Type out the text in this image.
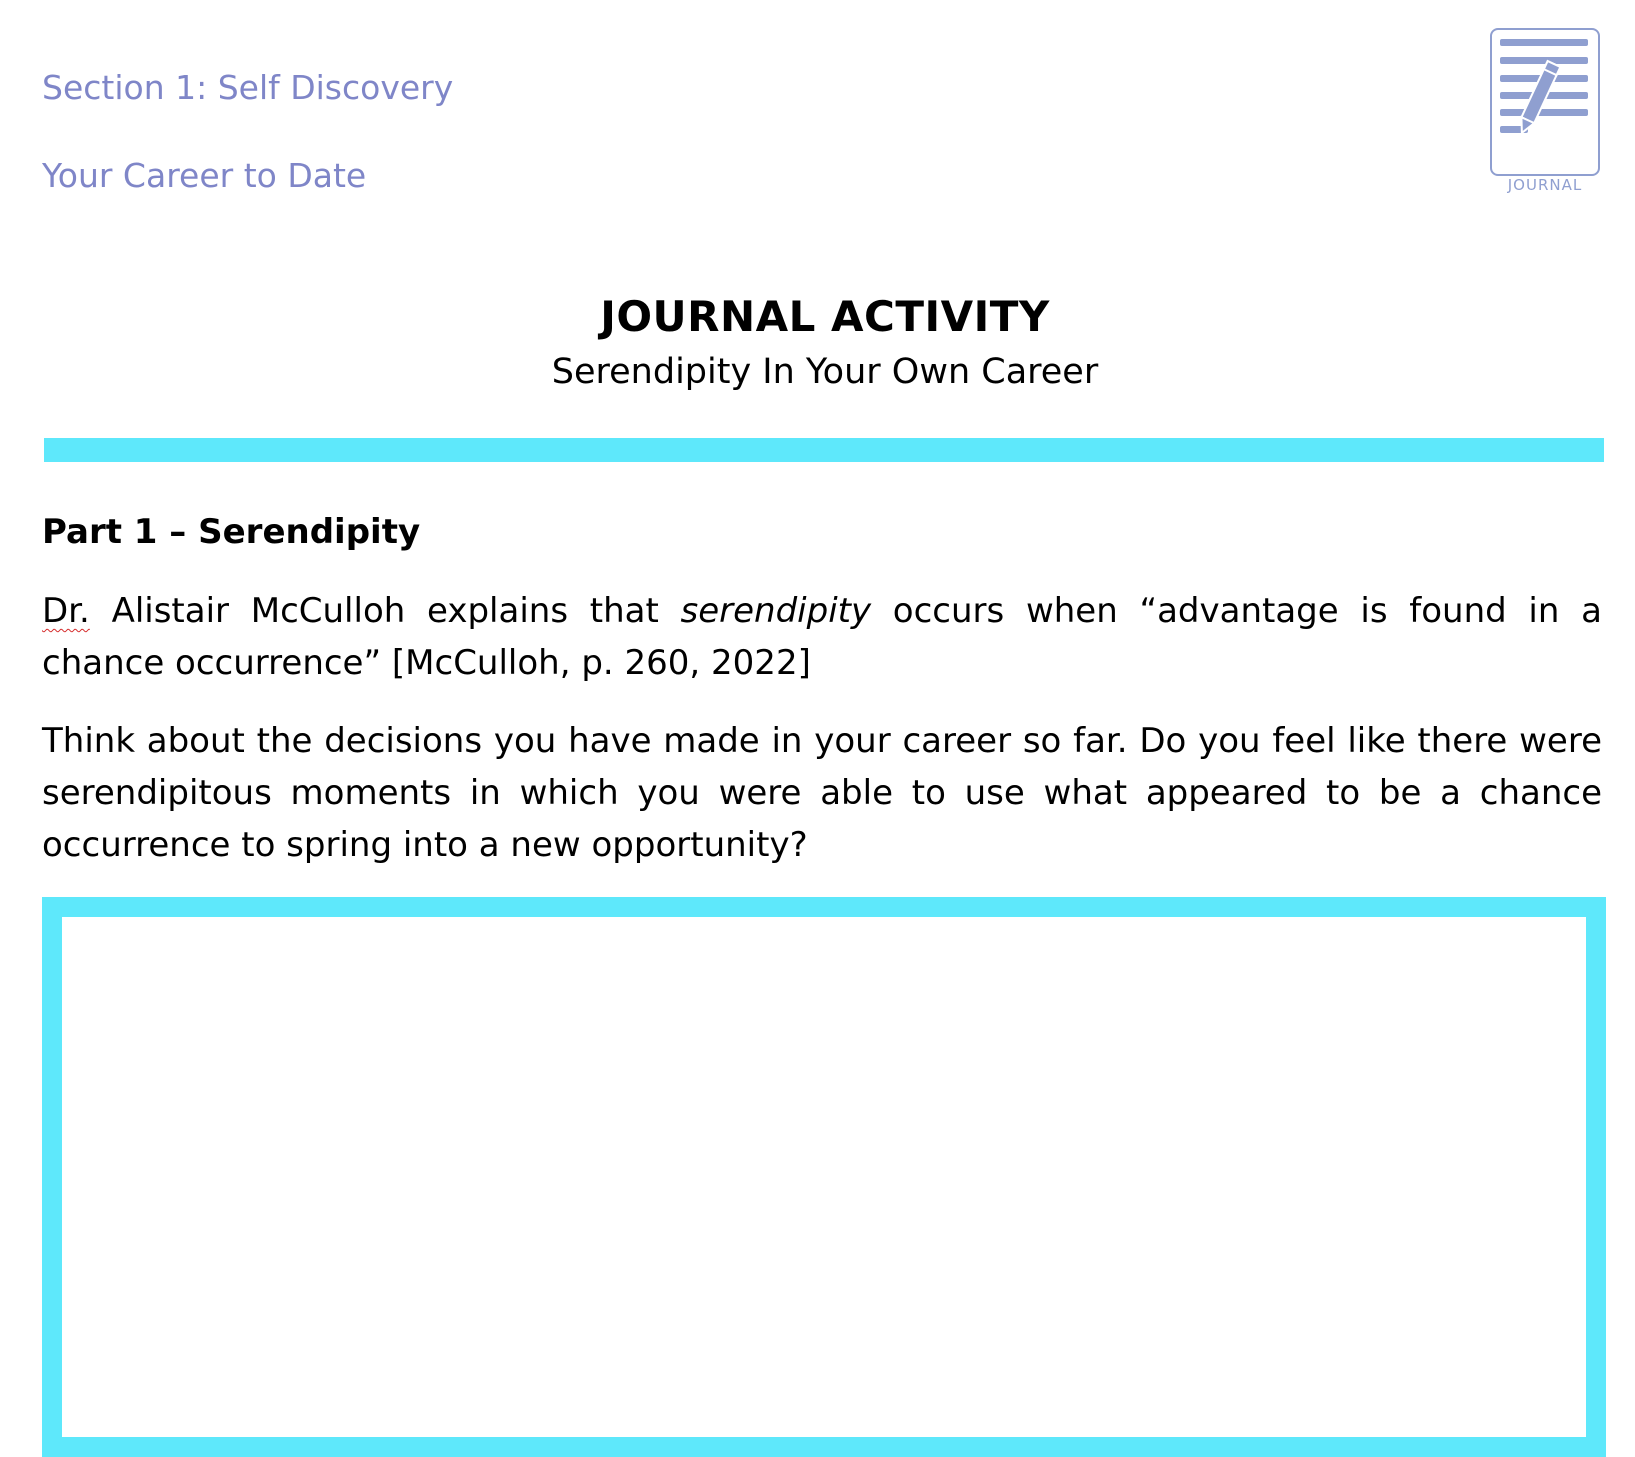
Section 1: Self Discovery
Your Career to Date	JOURNAL
JOURNAL ACTIVITY
Serendipity In Your Own Career
Part 1 – Serendipity

Dr. Alistair McCulloh explains that serendipity occurs when “advantage is found in a chance occurrence” [McCulloh, p. 260, 2022]

Think about the decisions you have made in your career so far. Do you feel like there were serendipitous moments in which you were able to use what appeared to be a chance occurrence to spring into a new opportunity?
